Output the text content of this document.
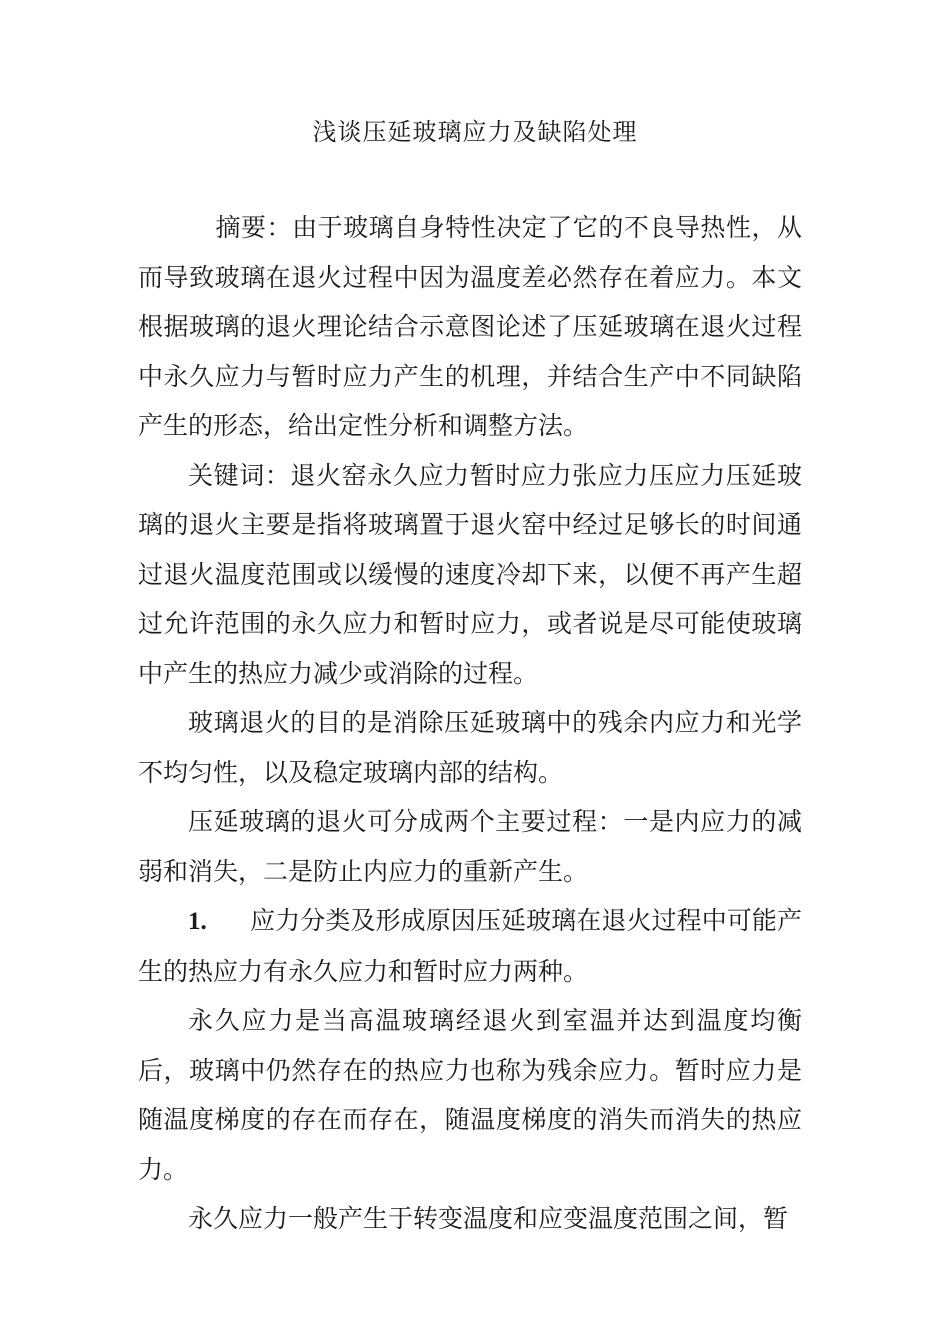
浅谈压延玻璃应力及缺陷处理

摘要：由于玻璃自身特性决定了它的不良导热性，从而导致玻璃在退火过程中因为温度差必然存在着应力。本文根据玻璃的退火理论结合示意图论述了压延玻璃在退火过程中永久应力与暂时应力产生的机理，并结合生产中不同缺陷产生的形态，给出定性分析和调整方法。

关键词：退火窑永久应力暂时应力张应力压应力压延玻璃的退火主要是指将玻璃置于退火窑中经过足够长的时间通过退火温度范围或以缓慢的速度冷却下来，以便不再产生超过允许范围的永久应力和暂时应力，或者说是尽可能使玻璃中产生的热应力减少或消除的过程。

玻璃退火的目的是消除压延玻璃中的残余内应力和光学不均匀性，以及稳定玻璃内部的结构。

压延玻璃的退火可分成两个主要过程：一是内应力的减弱和消失，二是防止内应力的重新产生。

1. 应力分类及形成原因压延玻璃在退火过程中可能产生的热应力有永久应力和暂时应力两种。

永久应力是当高温玻璃经退火到室温并达到温度均衡后，玻璃中仍然存在的热应力也称为残余应力。暂时应力是随温度梯度的存在而存在，随温度梯度的消失而消失的热应力。

永久应力一般产生于转变温度和应变温度范围之间，暂
